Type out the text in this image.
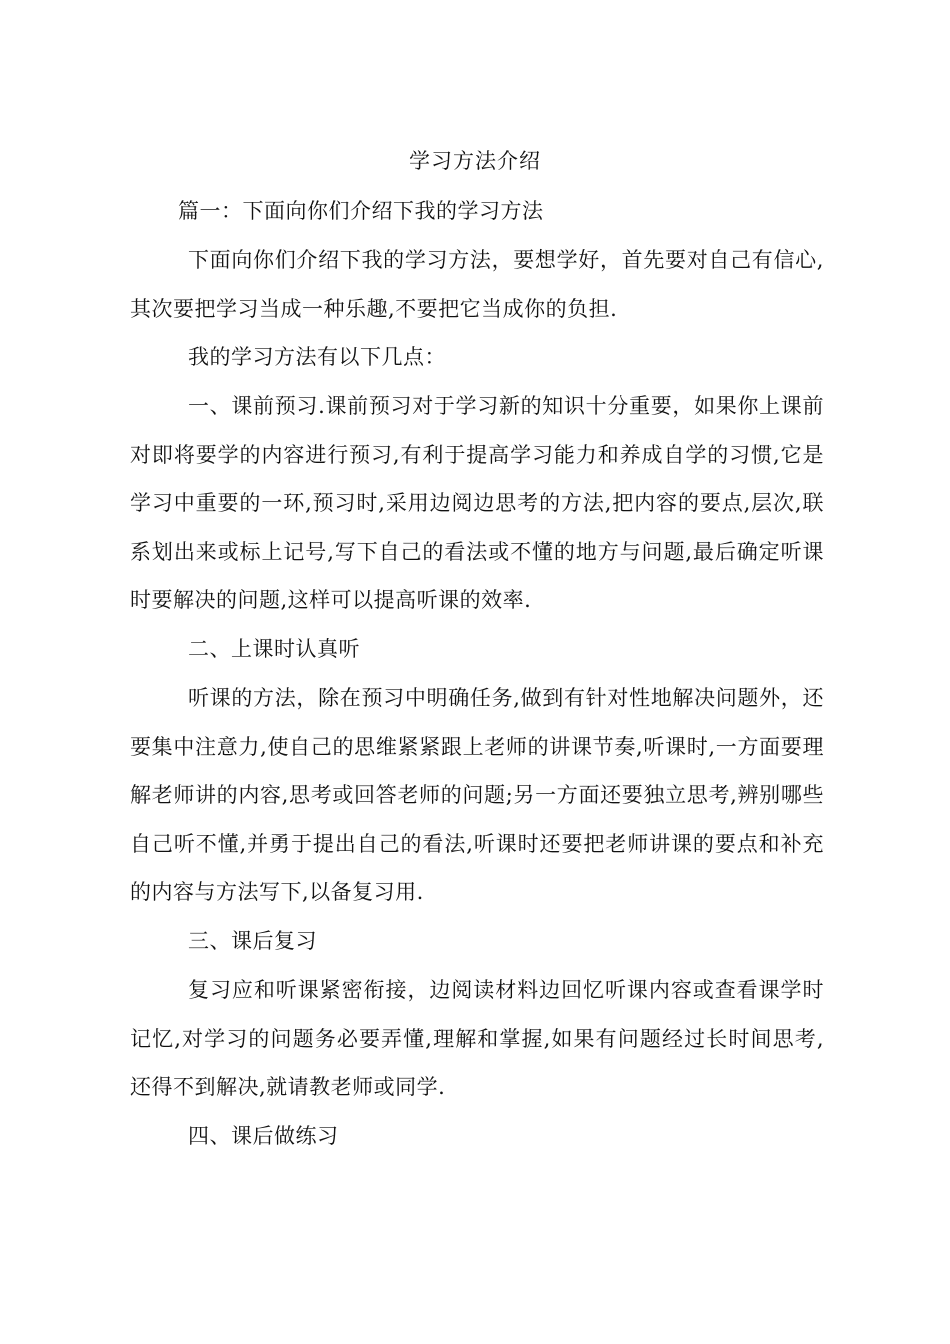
学习方法介绍

篇一：下面向你们介绍下我的学习方法

下面向你们介绍下我的学习方法，要想学好，首先要对自己有信心,其次要把学习当成一种乐趣,不要把它当成你的负担.

我的学习方法有以下几点：

一、课前预习.课前预习对于学习新的知识十分重要，如果你上课前对即将要学的内容进行预习,有利于提高学习能力和养成自学的习惯,它是学习中重要的一环,预习时,采用边阅边思考的方法,把内容的要点,层次,联系划出来或标上记号,写下自己的看法或不懂的地方与问题,最后确定听课时要解决的问题,这样可以提高听课的效率.

二、上课时认真听

听课的方法，除在预习中明确任务,做到有针对性地解决问题外，还要集中注意力,使自己的思维紧紧跟上老师的讲课节奏,听课时,一方面要理解老师讲的内容,思考或回答老师的问题;另一方面还要独立思考,辨别哪些自己听不懂,并勇于提出自己的看法,听课时还要把老师讲课的要点和补充的内容与方法写下,以备复习用.

三、课后复习

复习应和听课紧密衔接，边阅读材料边回忆听课内容或查看课学时记忆,对学习的问题务必要弄懂,理解和掌握,如果有问题经过长时间思考,还得不到解决,就请教老师或同学.

四、课后做练习
